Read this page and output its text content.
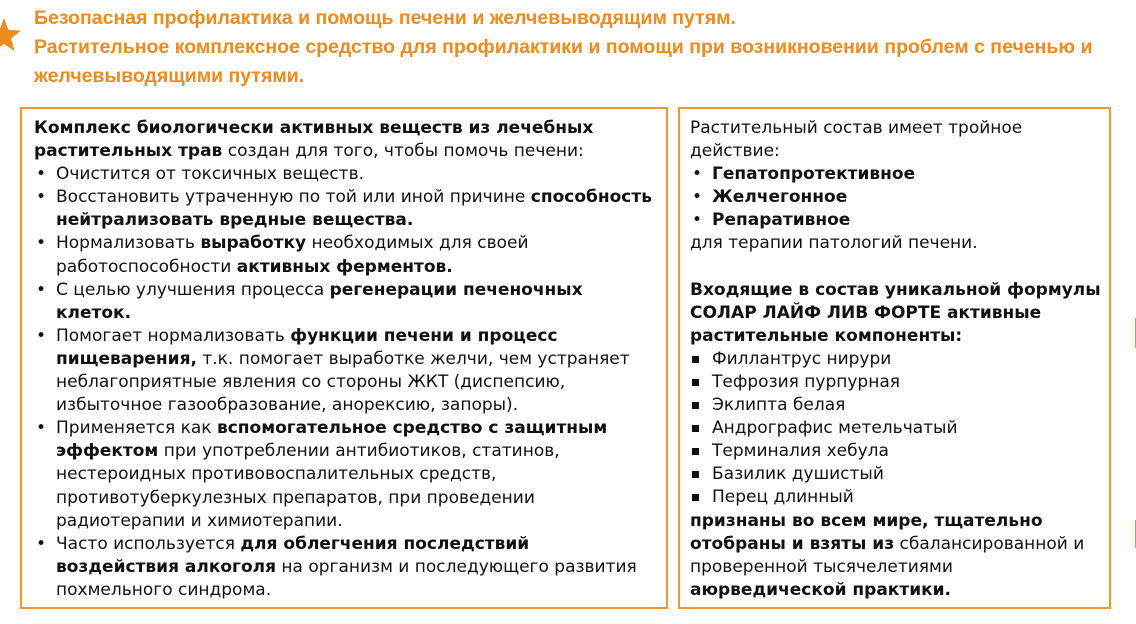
Безопасная профилактика и помощь печени и желчевыводящим путям.
Растительное комплексное средство для профилактики и помощи при возникновении проблем с печенью и
желчевыводящими путями.

Комплекс биологически активных веществ из лечебных растительных трав создан для того, чтобы помочь печени:

• Очистится от токсичных веществ.
• Восстановить утраченную по той или иной причине способность нейтрализовать вредные вещества.
• Нормализовать выработку необходимых для своей работоспособности активных ферментов.
• С целью улучшения процесса регенерации печеночных клеток.
• Помогает нормализовать функции печени и процесс пищеварения, т.к. помогает выработке желчи, чем устраняет неблагоприятные явления со стороны ЖКТ (диспепсию, избыточное газообразование, анорексию, запоры).
• Применяется как вспомогательное средство с защитным эффектом при употреблении антибиотиков, статинов, нестероидных противовоспалительных средств, противотуберкулезных препаратов, при проведении радиотерапии и химиотерапии.
• Часто используется для облегчения последствий воздействия алкоголя на организм и последующего развития похмельного синдрома.

Растительный состав имеет тройное действие:

• Гепатопротективное
• Желчегонное
• Репаративное

для терапии патологий печени.

Входящие в состав уникальной формулы СОЛАР ЛАЙФ ЛИВ ФОРТЕ активные растительные компоненты:

Филлантрус нирури
Тефрозия пурпурная
Эклипта белая
Андрографис метельчатый
Терминалия хебула
Базилик душистый
Перец длинный

признаны во всем мире, тщательно отобраны и взяты из сбалансированной и проверенной тысячелетиями аюрведической практики.
